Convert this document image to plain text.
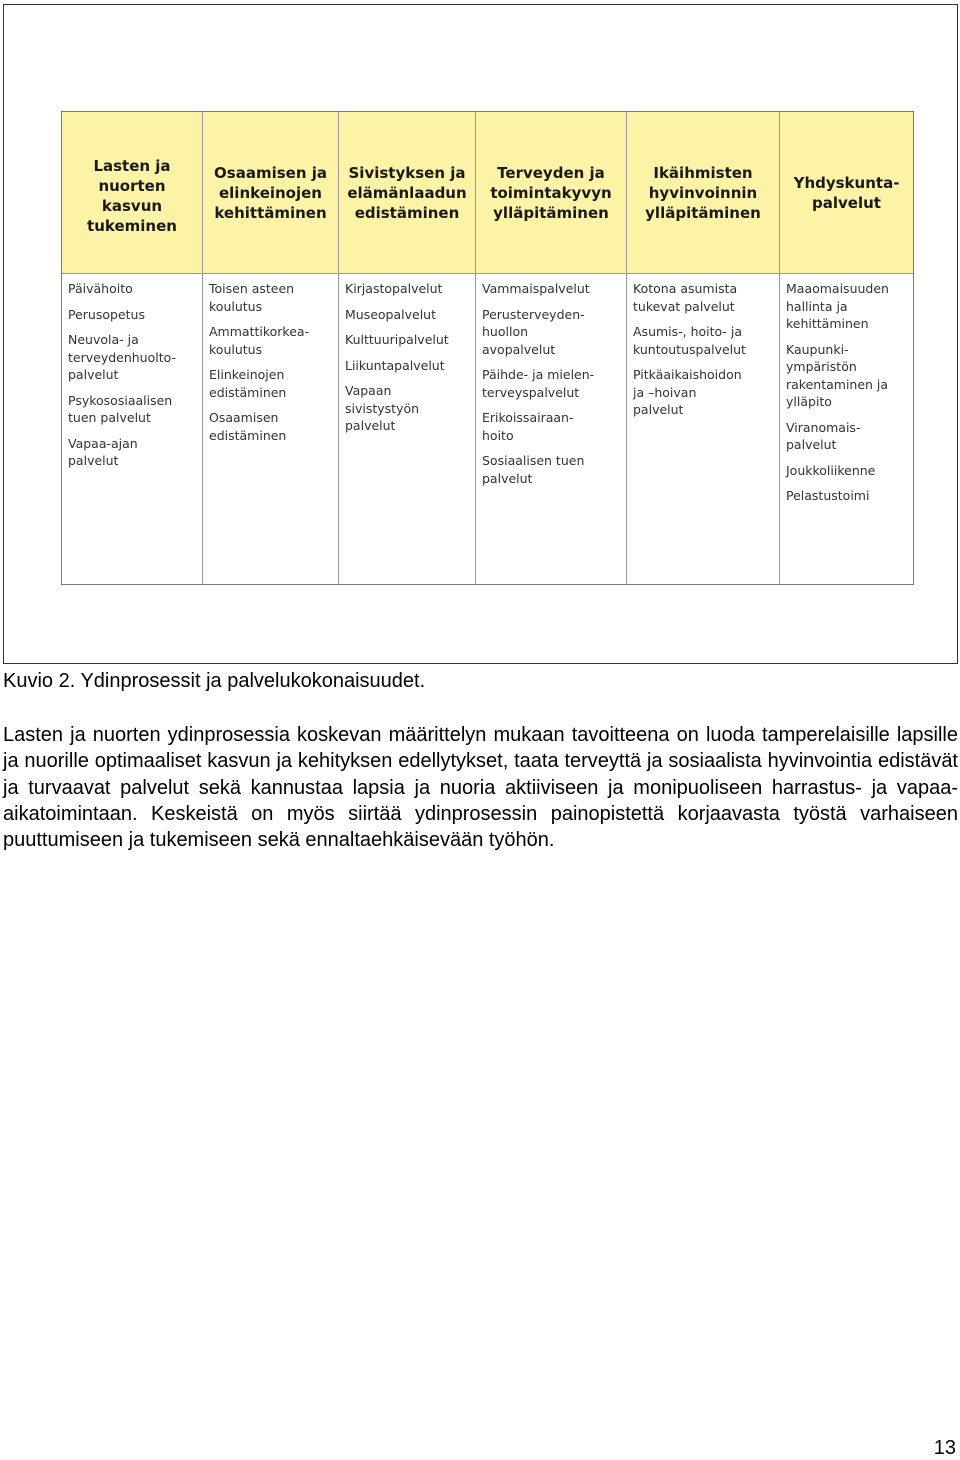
Lasten ja
nuorten
kasvun
tukeminen
Osaamisen ja
elinkeinojen
kehittäminen
Sivistyksen ja
elämänlaadun
edistäminen
Terveyden ja
toimintakyvyn
ylläpitäminen
Ikäihmisten
hyvinvoinnin
ylläpitäminen
Yhdyskunta-
palvelut
Päivähoito
Perusopetus
Neuvola- ja
terveydenhuolto-
palvelut
Psykososiaalisen
tuen palvelut
Vapaa-ajan
palvelut
Toisen asteen
koulutus
Ammattikorkea-
koulutus
Elinkeinojen
edistäminen
Osaamisen
edistäminen
Kirjastopalvelut
Museopalvelut
Kulttuuripalvelut
Liikuntapalvelut
Vapaan
sivistystyön
palvelut
Vammaispalvelut
Perusterveyden-
huollon
avopalvelut
Päihde- ja mielen-
terveyspalvelut
Erikoissairaan-
hoito
Sosiaalisen tuen
palvelut
Kotona asumista
tukevat palvelut
Asumis-, hoito- ja
kuntoutuspalvelut
Pitkäaikaishoidon
ja –hoivan
palvelut
Maaomaisuuden
hallinta ja
kehittäminen
Kaupunki-
ympäristön
rakentaminen ja
ylläpito
Viranomais-
palvelut
Joukkoliikenne
Pelastustoimi
Kuvio 2. Ydinprosessit ja palvelukokonaisuudet.

Lasten ja nuorten ydinprosessia koskevan määrittelyn mukaan tavoitteena on luoda tamperelaisille lapsille ja nuorille optimaaliset kasvun ja kehityksen edellytykset, taata terveyttä ja sosiaalista hyvinvointia edistävät ja turvaavat palvelut sekä kannustaa lapsia ja nuoria aktiiviseen ja monipuoliseen harrastus- ja vapaa-aikatoimintaan. Keskeistä on myös siirtää ydinprosessin painopistettä korjaavasta työstä varhaiseen puuttumiseen ja tukemiseen sekä ennaltaehkäisevään työhön.

13
